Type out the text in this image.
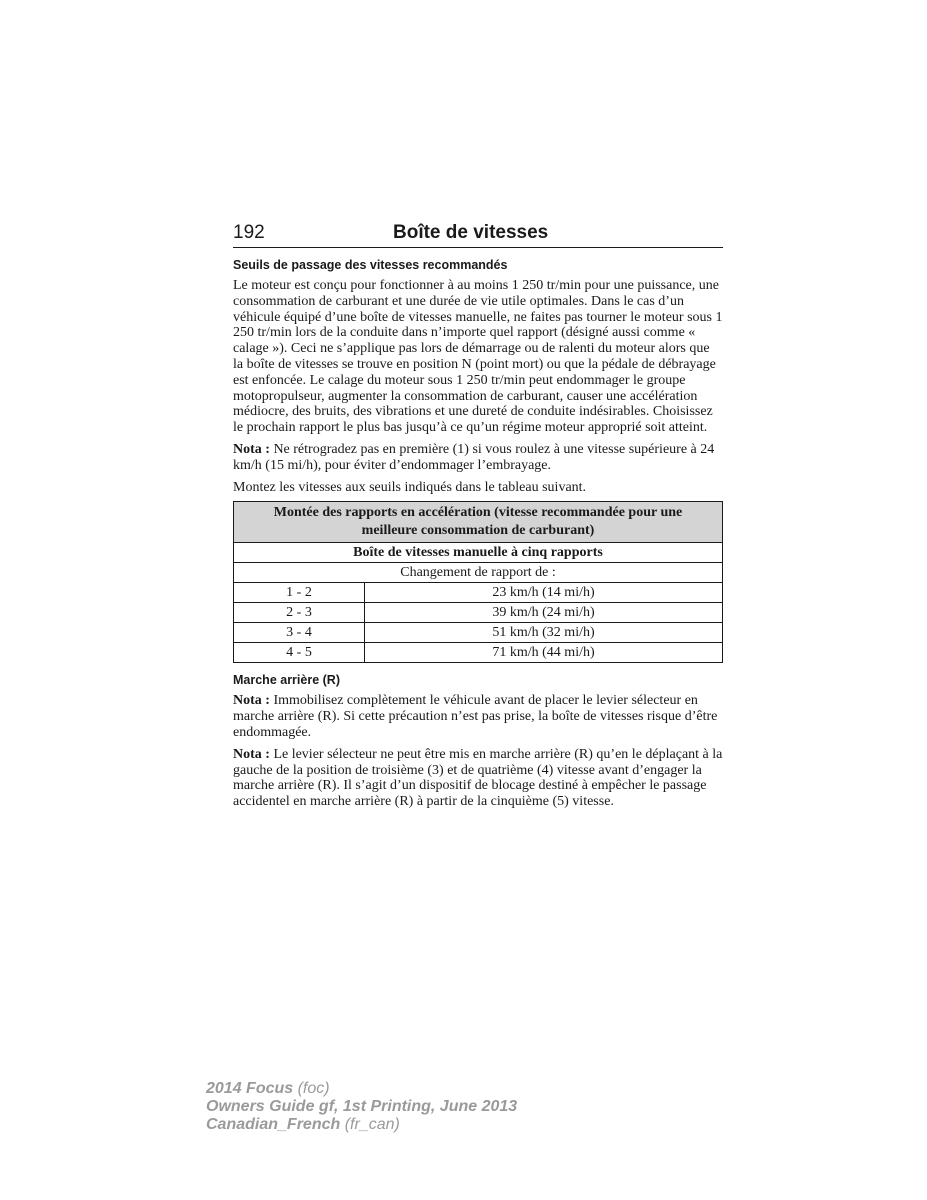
192	Boîte de vitesses
Seuils de passage des vitesses recommandés

Le moteur est conçu pour fonctionner à au moins 1 250 tr/min pour une puissance, une consommation de carburant et une durée de vie utile optimales. Dans le cas d’un véhicule équipé d’une boîte de vitesses manuelle, ne faites pas tourner le moteur sous 1 250 tr/min lors de la conduite dans n’importe quel rapport (désigné aussi comme « calage »). Ceci ne s’applique pas lors de démarrage ou de ralenti du moteur alors que la boîte de vitesses se trouve en position N (point mort) ou que la pédale de débrayage est enfoncée. Le calage du moteur sous 1 250 tr/min peut endommager le groupe motopropulseur, augmenter la consommation de carburant, causer une accélération médiocre, des bruits, des vibrations et une dureté de conduite indésirables. Choisissez le prochain rapport le plus bas jusqu’à ce qu’un régime moteur approprié soit atteint.

Nota : Ne rétrogradez pas en première (1) si vous roulez à une vitesse supérieure à 24 km/h (15 mi/h), pour éviter d’endommager l’embrayage.

Montez les vitesses aux seuils indiqués dans le tableau suivant.

Montée des rapports en accélération (vitesse recommandée pour une meilleure consommation de carburant)	
Boîte de vitesses manuelle à cinq rapports	
Changement de rapport de :	
1 - 2	23 km/h (14 mi/h)
2 - 3	39 km/h (24 mi/h)
3 - 4	51 km/h (32 mi/h)
4 - 5	71 km/h (44 mi/h)
Marche arrière (R)

Nota : Immobilisez complètement le véhicule avant de placer le levier sélecteur en marche arrière (R). Si cette précaution n’est pas prise, la boîte de vitesses risque d’être endommagée.

Nota : Le levier sélecteur ne peut être mis en marche arrière (R) qu’en le déplaçant à la gauche de la position de troisième (3) et de quatrième (4) vitesse avant d’engager la marche arrière (R). Il s’agit d’un dispositif de blocage destiné à empêcher le passage accidentel en marche arrière (R) à partir de la cinquième (5) vitesse.

2014 Focus (foc)
Owners Guide gf, 1st Printing, June 2013
Canadian_French (fr_can)
